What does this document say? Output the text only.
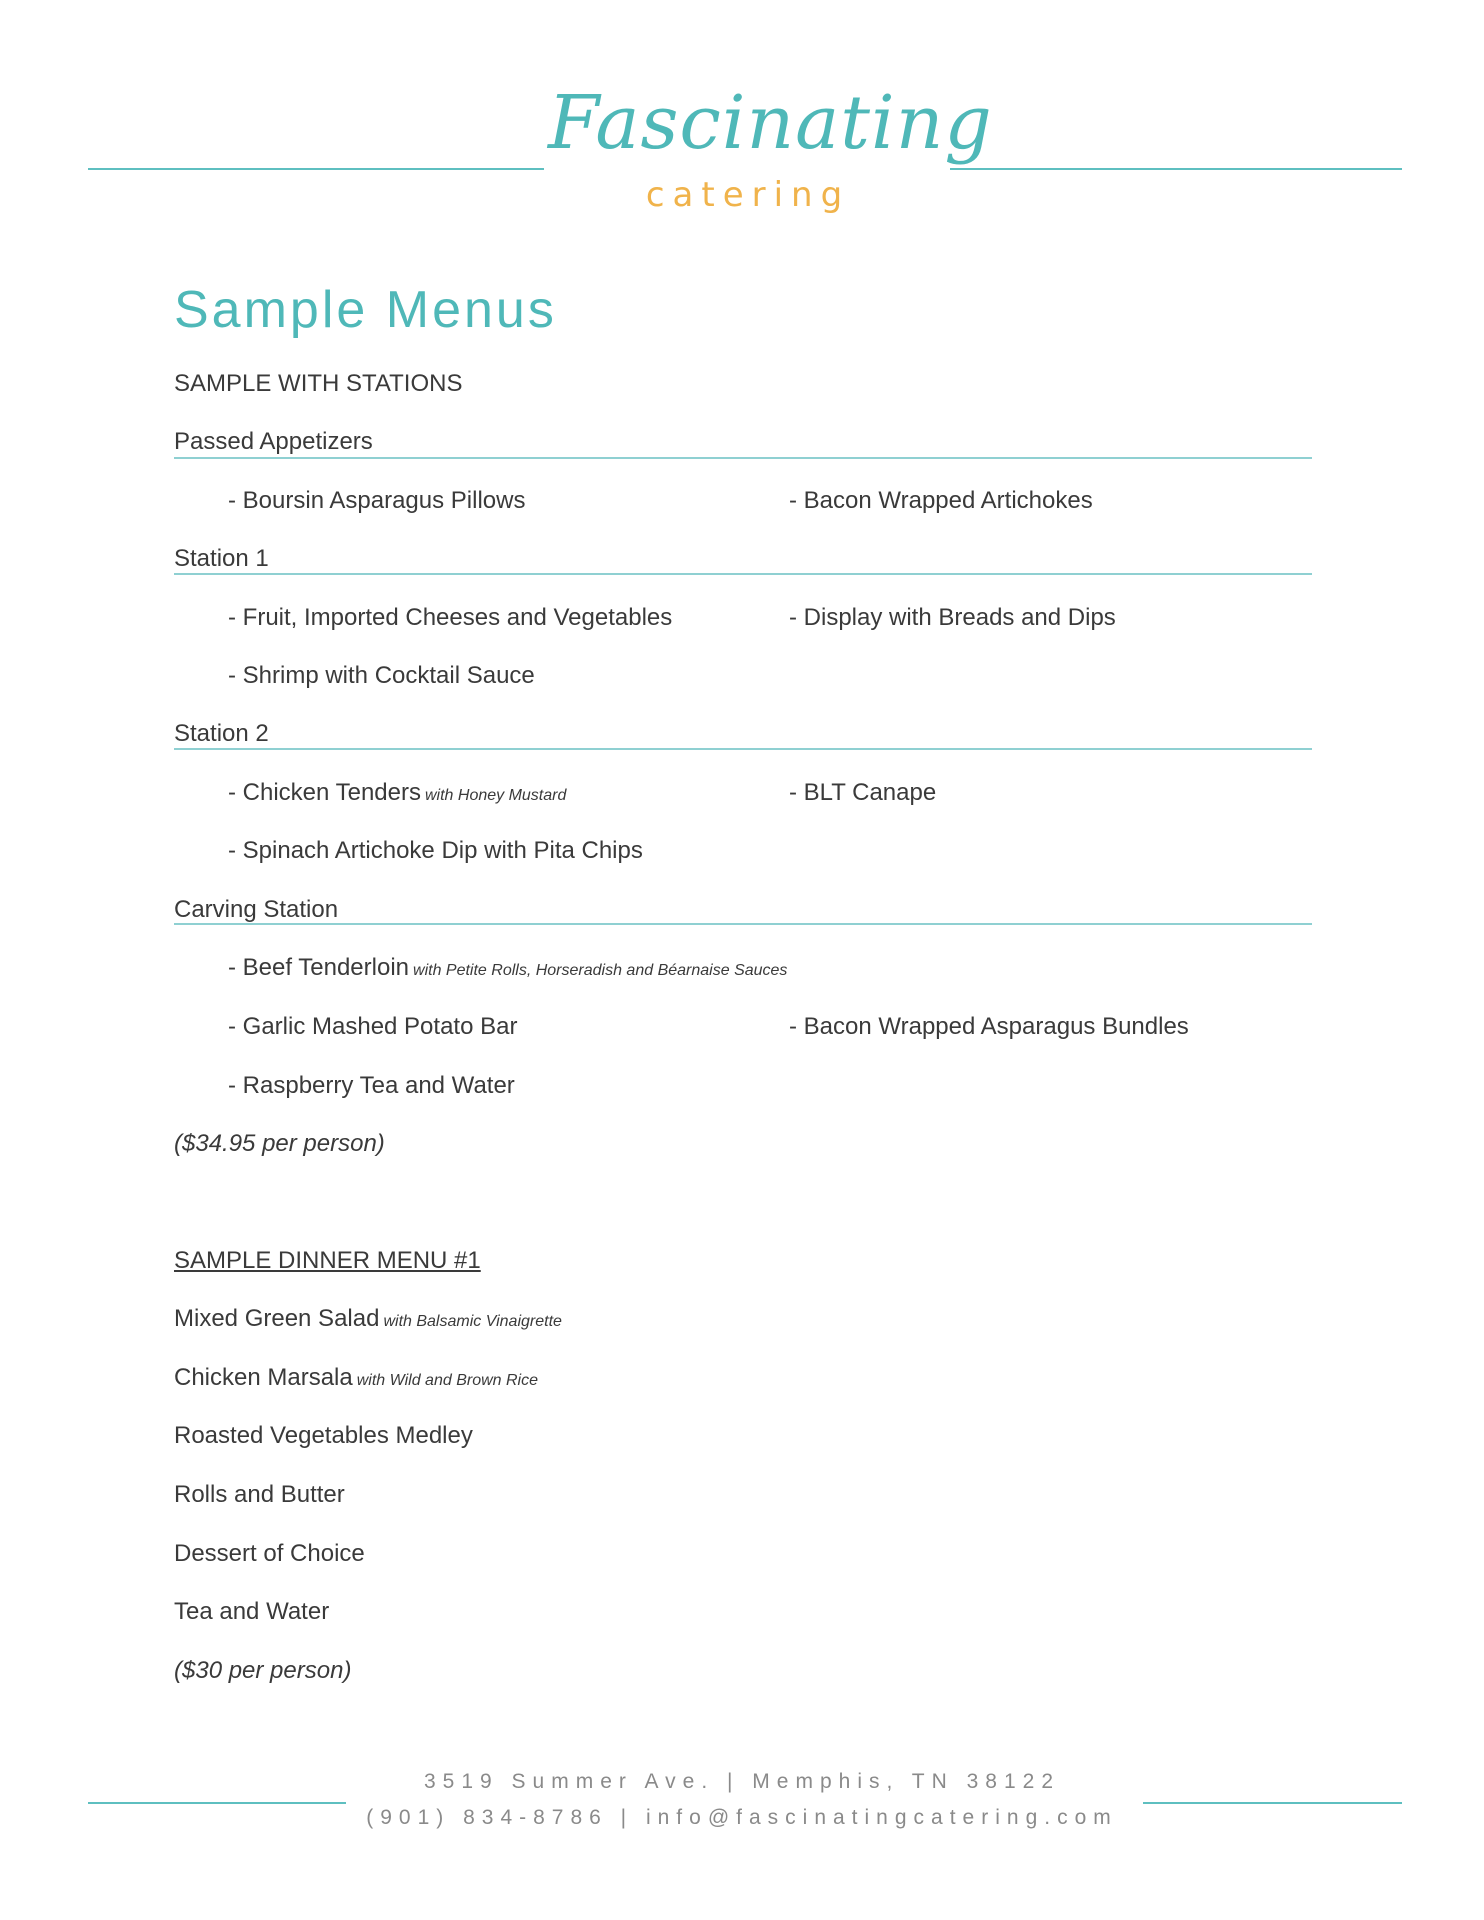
Fascinating
catering
Sample Menus
SAMPLE WITH STATIONS
Passed Appetizers
- Boursin Asparagus Pillows	- Bacon Wrapped Artichokes
Station 1
- Fruit, Imported Cheeses and Vegetables	- Display with Breads and Dips
- Shrimp with Cocktail Sauce
Station 2
- Chicken Tenders with Honey Mustard	- BLT Canape
- Spinach Artichoke Dip with Pita Chips
Carving Station
- Beef Tenderloin with Petite Rolls, Horseradish and Béarnaise Sauces
- Garlic Mashed Potato Bar	- Bacon Wrapped Asparagus Bundles
- Raspberry Tea and Water
($34.95 per person)
SAMPLE DINNER MENU #1
Mixed Green Salad with Balsamic Vinaigrette
Chicken Marsala with Wild and Brown Rice
Roasted Vegetables Medley
Rolls and Butter
Dessert of Choice
Tea and Water
($30 per person)
3519 Summer Ave. | Memphis, TN 38122
(901) 834-8786 | info@fascinatingcatering.com
